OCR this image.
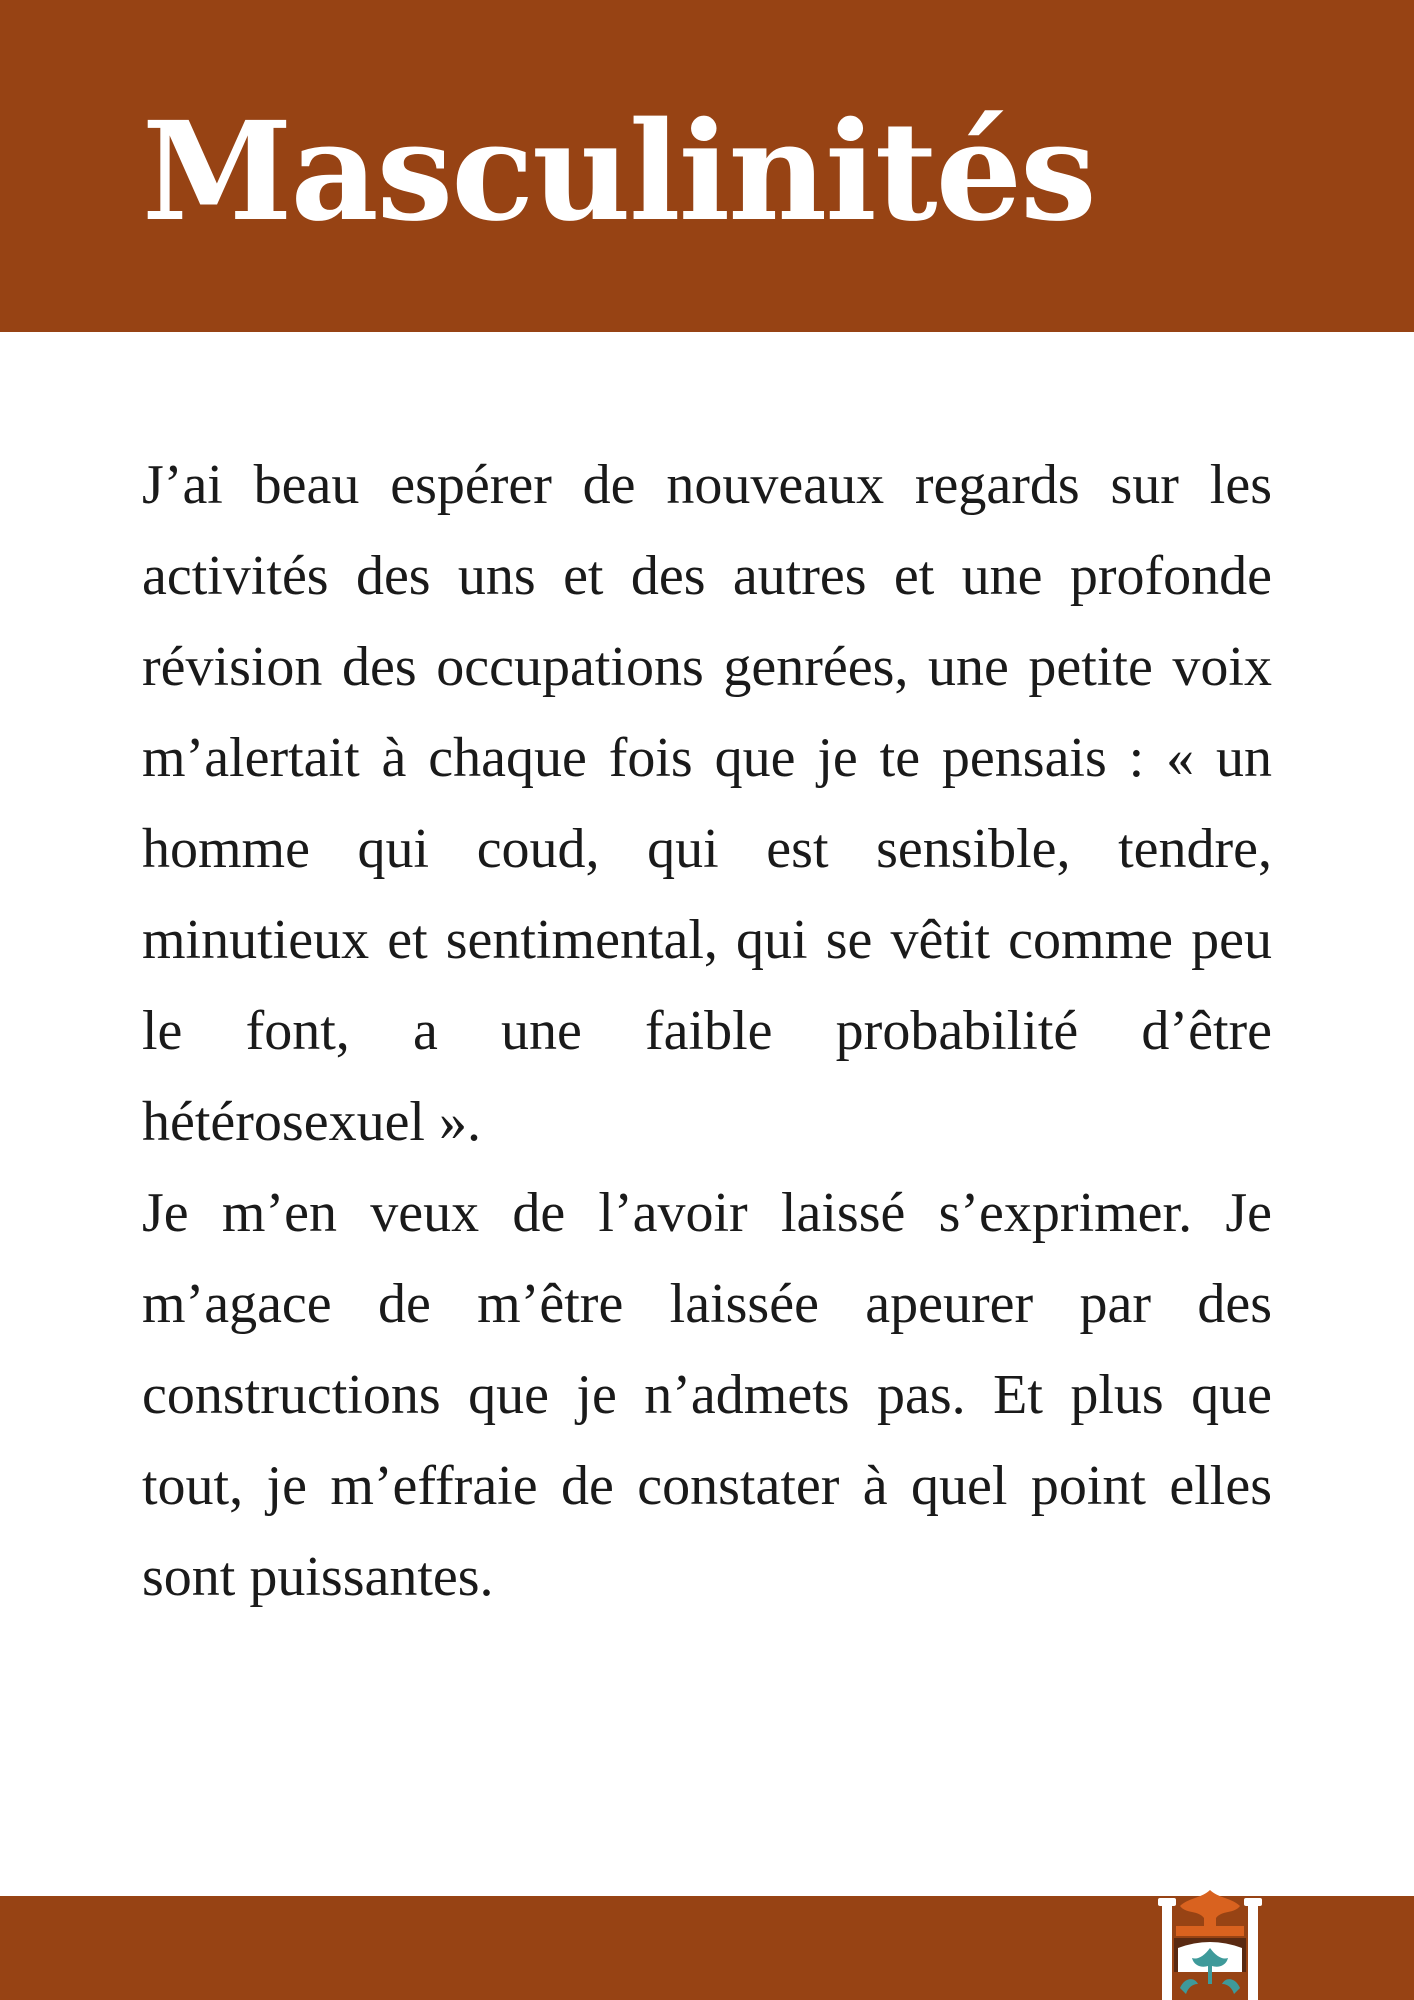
Masculinités

J’ai beau espérer de nouveaux regards sur les activités des uns et des autres et une profonde révision des occupations genrées, une petite voix m’alertait à chaque fois que je te pensais : « un homme qui coud, qui est sensible, tendre, minutieux et sentimental, qui se vêtit comme peu le font, a une faible probabilité d’être hétérosexuel ».

Je m’en veux de l’avoir laissé s’exprimer. Je m’agace de m’être laissée apeurer par des constructions que je n’admets pas. Et plus que tout, je m’effraie de constater à quel point elles sont puissantes.
